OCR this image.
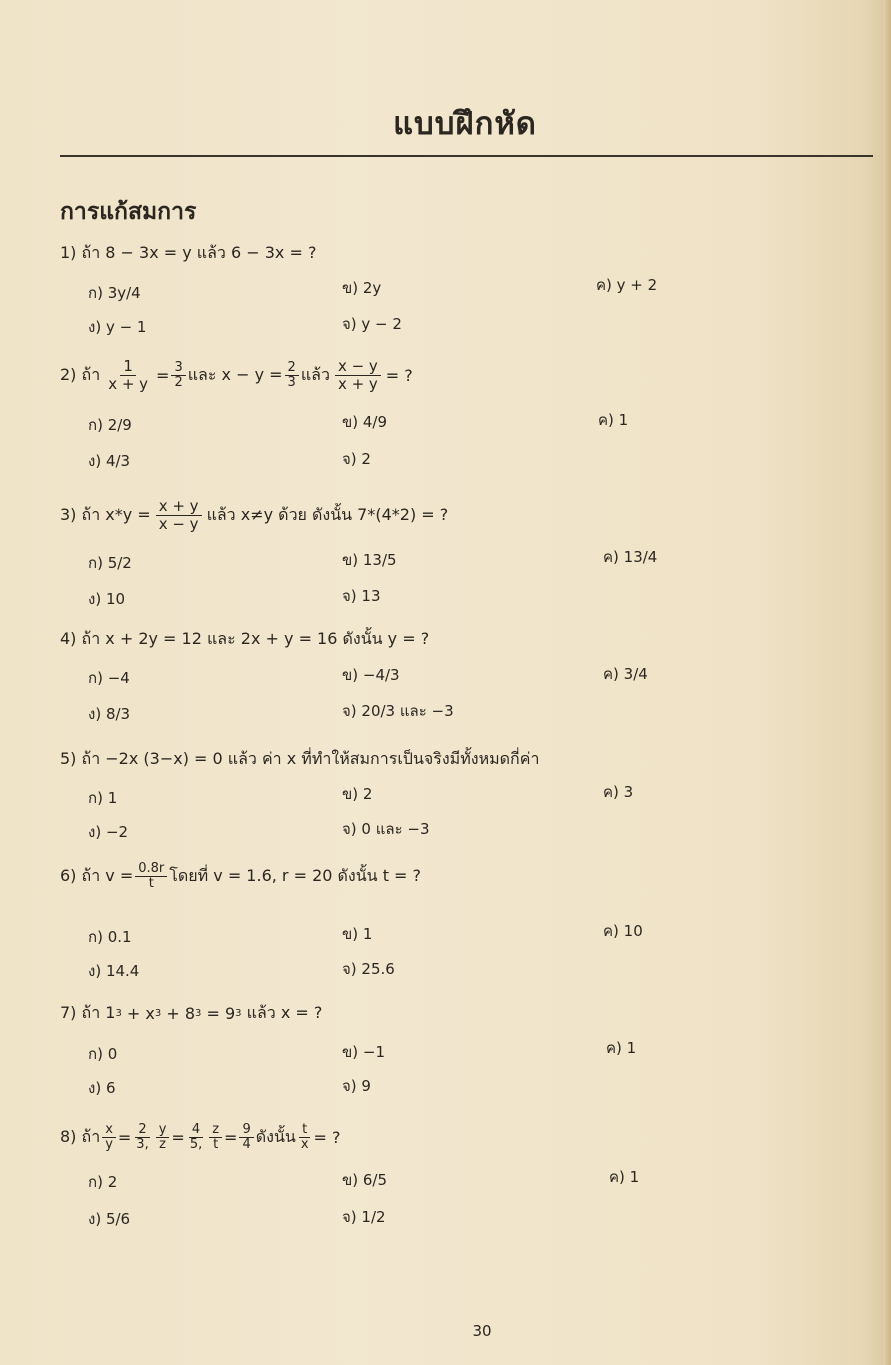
แบบฝึกหัด
การแก้สมการ
1) ถ้า 8 − 3x = y แล้ว 6 − 3x = ?
ก) 3y/4	ข) 2y	ค) y + 2
ง) y − 1	จ) y − 2
2) ถ้า $\frac{1}{x + y} = \frac{3}{2}$ และ $x - y = \frac{2}{3}$ แล้ว $\frac{x - y}{x + y}$ = ?
ก) 2/9	ข) 4/9	ค) 1
ง) 4/3	จ) 2
3) ถ้า $x*y = \frac{x + y}{x - y}$ แล้ว x≠y ด้วย ดังนั้น 7*(4*2) = ?
ก) 5/2	ข) 13/5	ค) 13/4
ง) 10	จ) 13
4) ถ้า x + 2y = 12 และ 2x + y = 16 ดังนั้น y = ?
ก) −4	ข) −4/3	ค) 3/4
ง) 8/3	จ) 20/3 และ −3
5) ถ้า −2x (3−x) = 0 แล้ว ค่า x ที่ทำให้สมการเป็นจริงมีทั้งหมดกี่ค่า
ก) 1	ข) 2	ค) 3
ง) −2	จ) 0 และ −3
6) ถ้า $v = \frac{0.8r}{t}$ โดยที่ v = 1.6, r = 20 ดังนั้น t = ?
ก) 0.1	ข) 1	ค) 10
ง) 14.4	จ) 25.6
7) ถ้า 1 3
+ x 3
+ 8 3
= 9 3
แล้ว x = ?
ก) 0	ข) −1	ค) 1
ง) 6	จ) 9
8) ถ้า $\frac{x}{y} = \frac{2}{3,} \frac{y}{z} = \frac{4}{5,} \frac{z}{t} = \frac{9}{4}$ ดังนั้น $\frac{t}{x}$ = ?
ก) 2	ข) 6/5	ค) 1
ง) 5/6	จ) 1/2
30
